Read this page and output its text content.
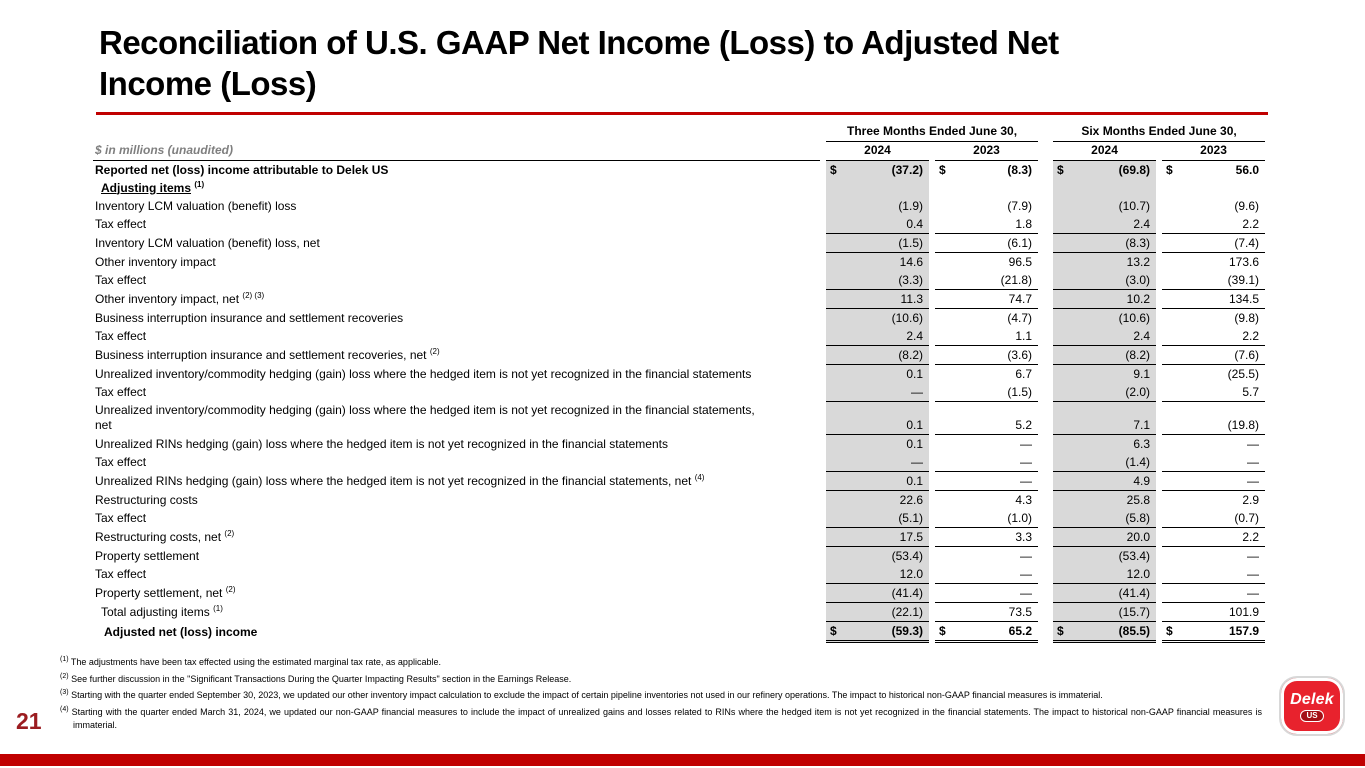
Reconciliation of U.S. GAAP Net Income (Loss) to Adjusted Net
Income (Loss)
		Three Months Ended June 30,				Six Months Ended June 30,		
$ in millions (unaudited)		2024		2023		2024		2023
Reported net (loss) income attributable to Delek US		$ (37.2)		$ (8.3)		$ (69.8)		$ 56.0
Adjusting items $^{(1)}$								
Inventory LCM valuation (benefit) loss		(1.9)		(7.9)		(10.7)		(9.6)
Tax effect		0.4		1.8		2.4		2.2
Inventory LCM valuation (benefit) loss, net		(1.5)		(6.1)		(8.3)		(7.4)
Other inventory impact		14.6		96.5		13.2		173.6
Tax effect		(3.3)		(21.8)		(3.0)		(39.1)
Other inventory impact, net $^{(2) (3)}$		11.3		74.7		10.2		134.5
Business interruption insurance and settlement recoveries		(10.6)		(4.7)		(10.6)		(9.8)
Tax effect		2.4		1.1		2.4		2.2
Business interruption insurance and settlement recoveries, net $^{(2)}$		(8.2)		(3.6)		(8.2)		(7.6)
Unrealized inventory/commodity hedging (gain) loss where the hedged item is not yet recognized in the financial statements		0.1		6.7		9.1		(25.5)
Tax effect		—		(1.5)		(2.0)		5.7
Unrealized inventory/commodity hedging (gain) loss where the hedged item is not yet recognized in the financial statements,
net		0.1		5.2		7.1		(19.8)
Unrealized RINs hedging (gain) loss where the hedged item is not yet recognized in the financial statements		0.1		—		6.3		—
Tax effect		—		—		(1.4)		—
Unrealized RINs hedging (gain) loss where the hedged item is not yet recognized in the financial statements, net $^{(4)}$		0.1		—		4.9		—
Restructuring costs		22.6		4.3		25.8		2.9
Tax effect		(5.1)		(1.0)		(5.8)		(0.7)
Restructuring costs, net $^{(2)}$		17.5		3.3		20.0		2.2
Property settlement		(53.4)		—		(53.4)		—
Tax effect		12.0		—		12.0		—
Property settlement, net $^{(2)}$		(41.4)		—		(41.4)		—
Total adjusting items $^{(1)}$		(22.1)		73.5		(15.7)		101.9
Adjusted net (loss) income		$ (59.3)		$ 65.2		$ (85.5)		$ 157.9
$^{(1)}$ The adjustments have been tax effected using the estimated marginal tax rate, as applicable.
$^{(2)}$ See further discussion in the "Significant Transactions During the Quarter Impacting Results" section in the Earnings Release.
$^{(3)}$ Starting with the quarter ended September 30, 2023, we updated our other inventory impact calculation to exclude the impact of certain pipeline inventories not used in our refinery operations. The impact to historical non-GAAP financial measures is immaterial.
$^{(4)}$ Starting with the quarter ended March 31, 2024, we updated our non-GAAP financial measures to include the impact of unrealized gains and losses related to RINs where the hedged item is not yet recognized in the financial statements. The impact to historical non-GAAP financial measures is immaterial.
21
Delek
US
